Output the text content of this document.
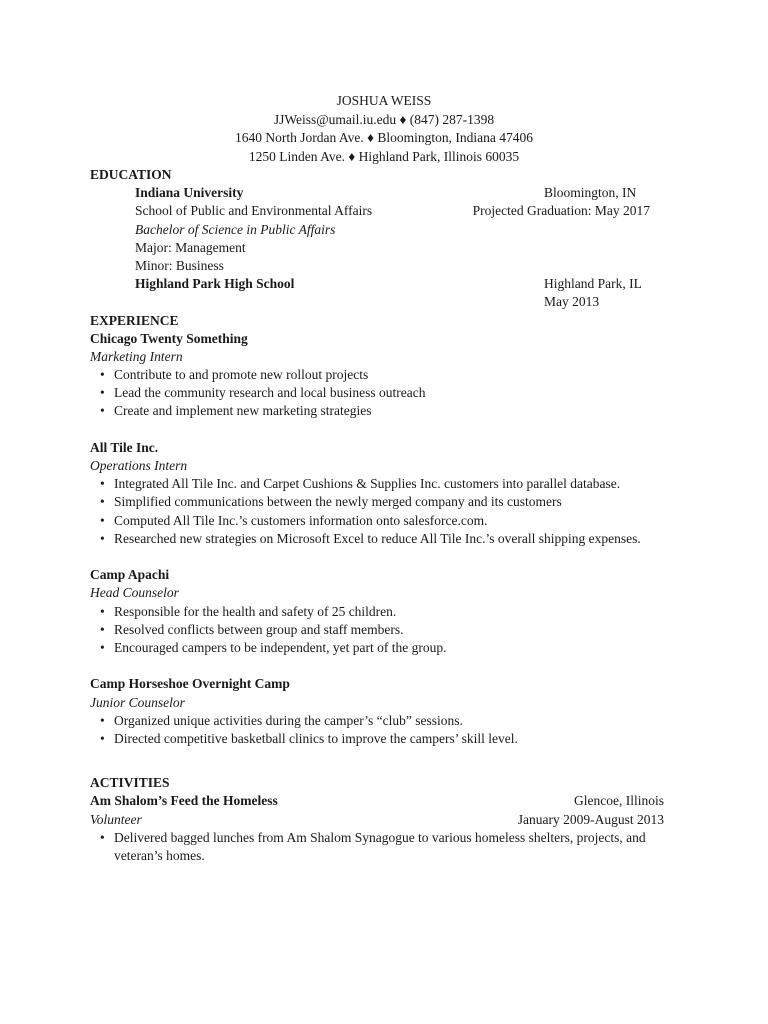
JOSHUA WEISS
JJWeiss@umail.iu.edu ♦ (847) 287-1398
1640 North Jordan Ave. ♦ Bloomington, Indiana 47406
1250 Linden Ave. ♦ Highland Park, Illinois 60035
EDUCATION
Indiana University	Bloomington, IN
School of Public and Environmental Affairs	Projected Graduation: May 2017
Bachelor of Science in Public Affairs
Major: Management
Minor: Business
Highland Park High School	Highland Park, IL
May 2013
EXPERIENCE
Chicago Twenty Something
Marketing Intern
• Contribute to and promote new rollout projects
• Lead the community research and local business outreach
• Create and implement new marketing strategies
All Tile Inc.
Operations Intern
• Integrated All Tile Inc. and Carpet Cushions & Supplies Inc. customers into parallel database.
• Simplified communications between the newly merged company and its customers
• Computed All Tile Inc.’s customers information onto salesforce.com.
• Researched new strategies on Microsoft Excel to reduce All Tile Inc.’s overall shipping expenses.
Camp Apachi
Head Counselor
• Responsible for the health and safety of 25 children.
• Resolved conflicts between group and staff members.
• Encouraged campers to be independent, yet part of the group.
Camp Horseshoe Overnight Camp
Junior Counselor
• Organized unique activities during the camper’s “club” sessions.
• Directed competitive basketball clinics to improve the campers’ skill level.
ACTIVITIES
Am Shalom’s Feed the Homeless	Glencoe, Illinois
Volunteer	January 2009-August 2013
• Delivered bagged lunches from Am Shalom Synagogue to various homeless shelters, projects, and veteran’s homes.
